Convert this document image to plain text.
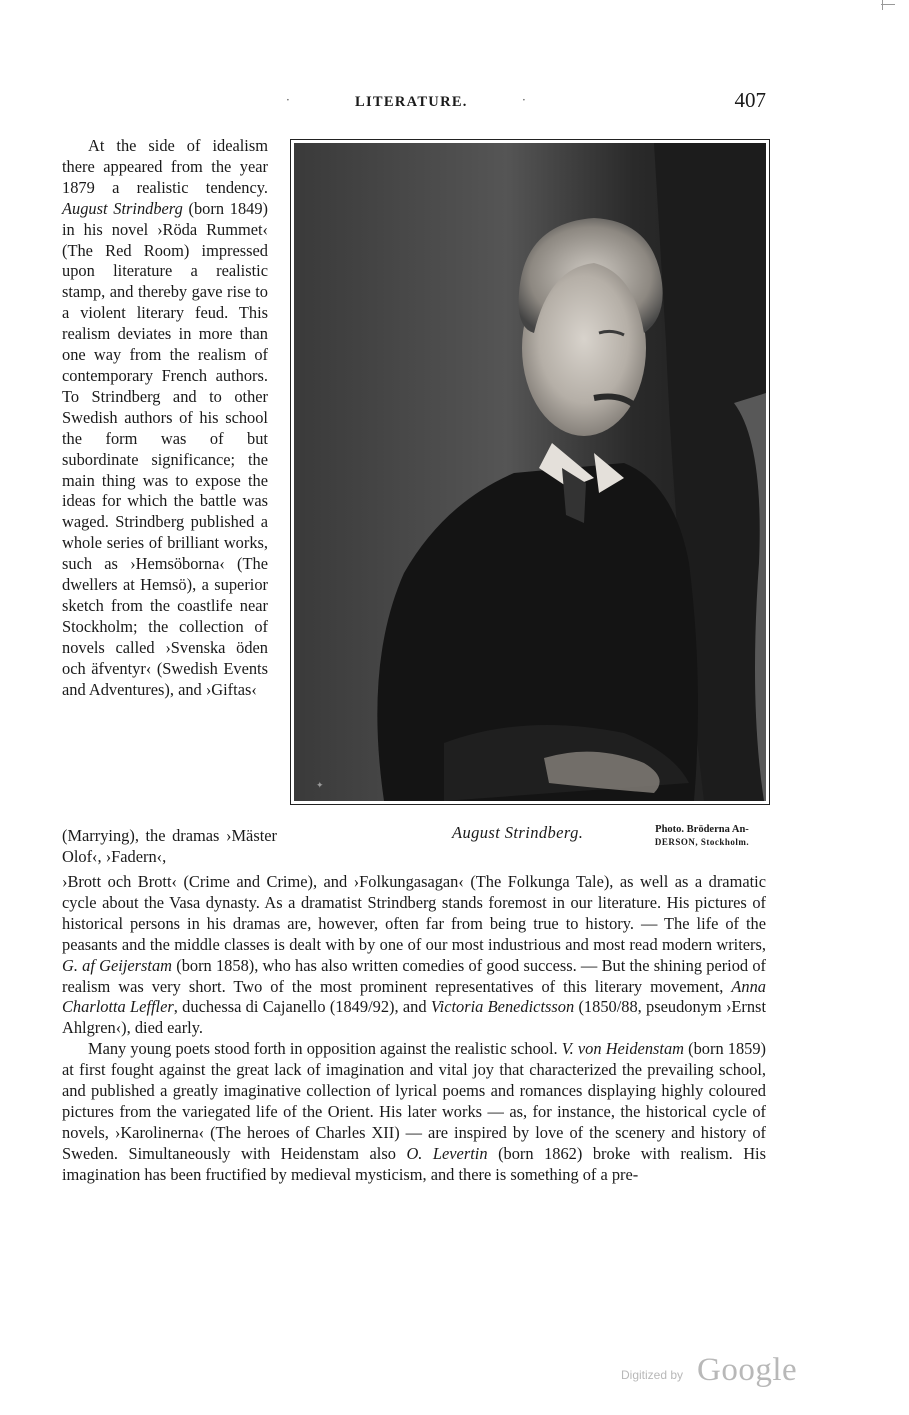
·	LITERATURE.	·	407

At the side of idealism there appeared from the year 1879 a realistic tendency. August Strindberg (born 1849) in his novel ›Röda Rummet‹ (The Red Room) impressed upon literature a realistic stamp, and thereby gave rise to a violent literary feud. This realism deviates in more than one way from the realism of contemporary French authors. To Strindberg and to other Swedish authors of his school the form was of but subordinate significance; the main thing was to expose the ideas for which the battle was waged. Strindberg published a whole series of brilliant works, such as ›Hemsöborna‹ (The dwellers at Hemsö), a superior sketch from the coastlife near Stockholm; the collection of novels called ›Svenska öden och äfventyr‹ (Swedish Events and Adventures), and ›Giftas‹

✦
August Strindberg.	Photo. Bröderna An-
DERSON, Stockholm.
(Marrying), the dramas ›Mäster Olof‹, ›Fadern‹,

›Brott och Brott‹ (Crime and Crime), and ›Folkungasagan‹ (The Folkunga Tale), as well as a dramatic cycle about the Vasa dynasty. As a dramatist Strindberg stands foremost in our literature. His pictures of historical persons in his dramas are, however, often far from being true to history. — The life of the peasants and the middle classes is dealt with by one of our most industrious and most read modern writers, G. af Geijerstam (born 1858), who has also written comedies of good success. — But the shining period of realism was very short. Two of the most prominent representatives of this literary movement, Anna Charlotta Leffler, duchessa di Cajanello (1849/92), and Victoria Benedictsson (1850/88, pseudonym ›Ernst Ahlgren‹), died early.

Many young poets stood forth in opposition against the realistic school. V. von Heidenstam (born 1859) at first fought against the great lack of imagination and vital joy that characterized the prevailing school, and published a greatly imaginative collection of lyrical poems and romances displaying highly coloured pictures from the variegated life of the Orient. His later works — as, for instance, the historical cycle of novels, ›Karolinerna‹ (The heroes of Charles XII) — are inspired by love of the scenery and history of Sweden. Simultaneously with Heidenstam also O. Levertin (born 1862) broke with realism. His imagination has been fructified by medieval mysticism, and there is something of a pre-

Digitized by Google
